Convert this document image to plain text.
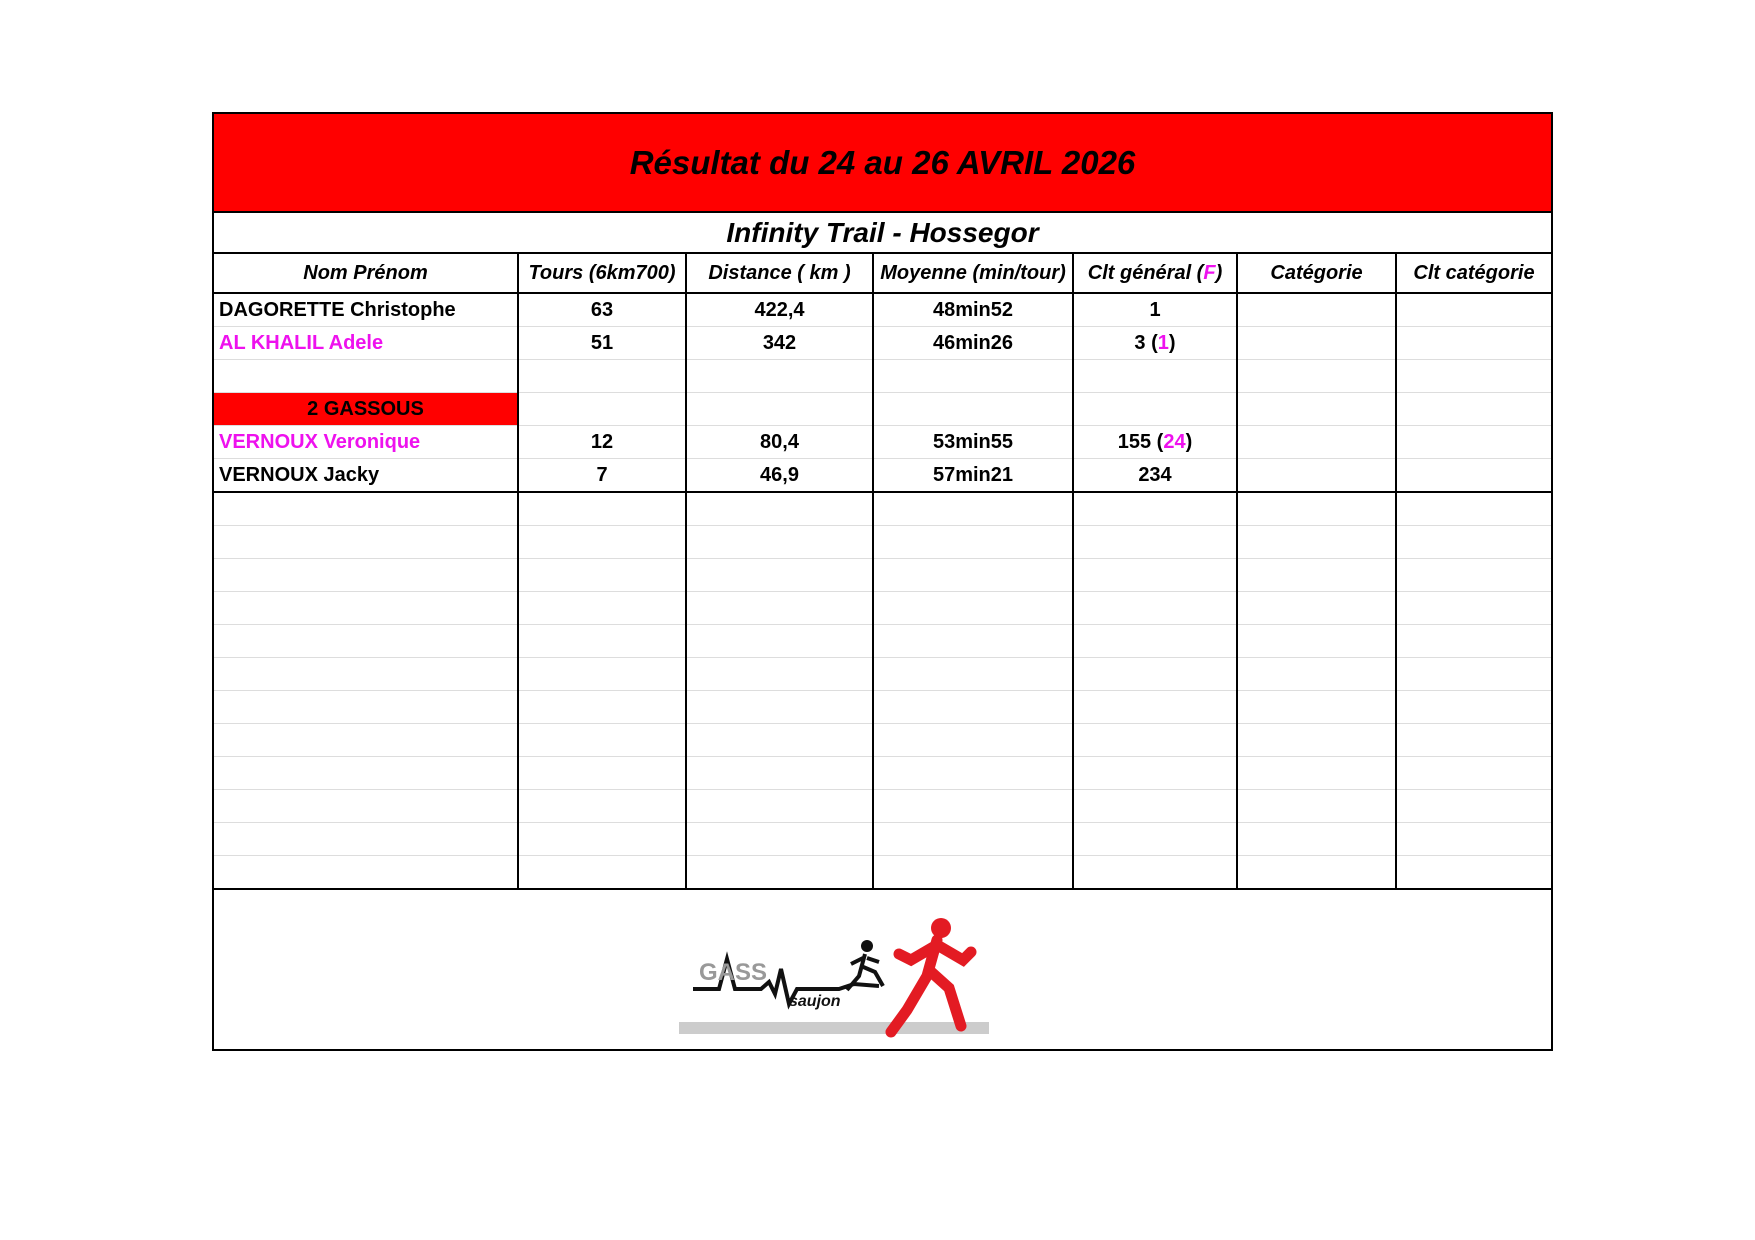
Résultat du 24 au 26 AVRIL 2026
Infinity Trail - Hossegor
Nom Prénom	Tours (6km700)	Distance ( km )	Moyenne (min/tour)	Clt général (F)	Catégorie	Clt catégorie
DAGORETTE Christophe	63	422,4	48min52	1		
AL KHALIL Adele	51	342	46min26	3 (1)		

2 GASSOUS						
VERNOUX Veronique	12	80,4	53min55	155 (24)		
VERNOUX Jacky	7	46,9	57min21	234		

GASS
saujon
